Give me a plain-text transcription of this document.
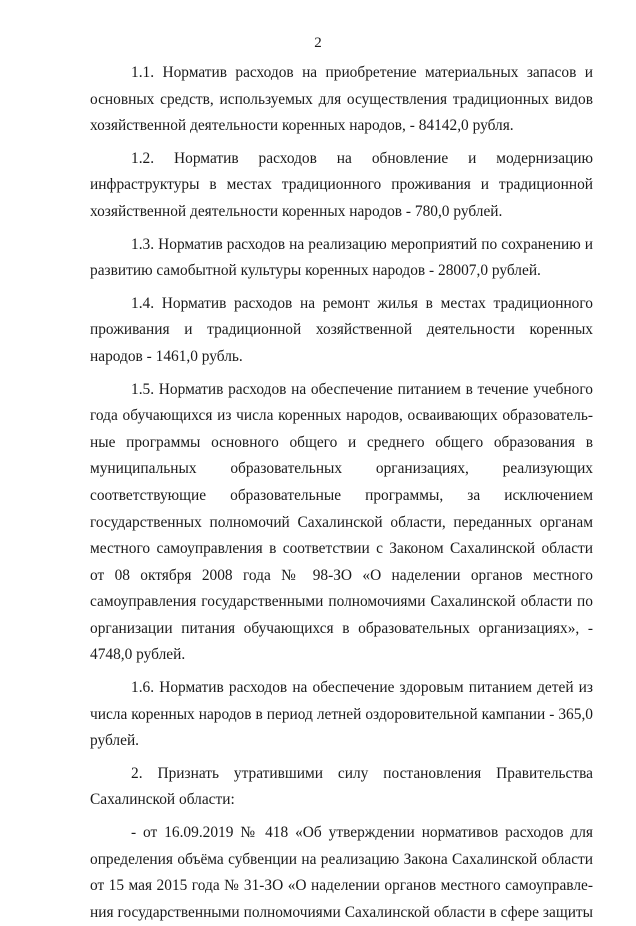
2

1.1. Норматив расходов на приобретение материальных запасов и основных средств, используемых для осуществления традиционных видов хозяйственной деятельности коренных народов, - 84142,0 рубля.

1.2. Норматив расходов на обновление и модернизацию инфраструктуры в местах традиционного проживания и традиционной хозяйственной деятельности коренных народов - 780,0 рублей.

1.3. Норматив расходов на реализацию мероприятий по сохранению и развитию самобытной культуры коренных народов - 28007,0 рублей.

1.4. Норматив расходов на ремонт жилья в местах традиционного проживания и традиционной хозяйственной деятельности коренных народов - 1461,0 рубль.

1.5. Норматив расходов на обеспечение питанием в течение учебного года обучающихся из числа коренных народов, осваивающих образовательные программы основного общего и среднего общего образования в муниципальных образовательных организациях, реализующих соответствующие образовательные программы, за исключением государственных полномочий Сахалинской области, переданных органам местного самоуправления в соответствии с Законом Сахалинской области от 08 октября 2008 года № 98-ЗО «О наделении органов местного самоуправления государственными полномочиями Сахалинской области по организации питания обучающихся в образовательных организациях», - 4748,0 рублей.

1.6. Норматив расходов на обеспечение здоровым питанием детей из числа коренных народов в период летней оздоровительной кампании - 365,0 рублей.

2. Признать утратившими силу постановления Правительства Сахалинской области:

- от 16.09.2019 № 418 «Об утверждении нормативов расходов для определения объёма субвенции на реализацию Закона Сахалинской области от 15 мая 2015 года № 31-ЗО «О наделении органов местного самоуправления государственными полномочиями Сахалинской области в сфере защиты
